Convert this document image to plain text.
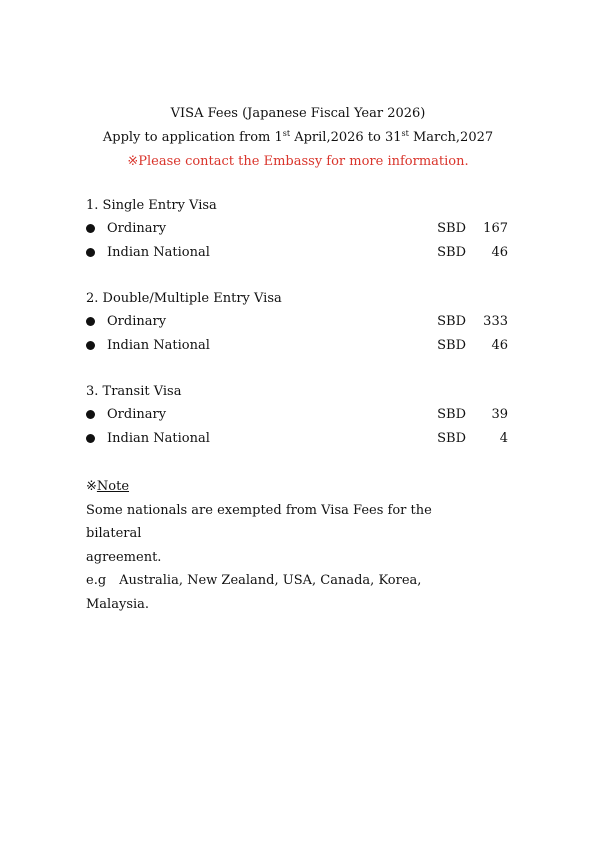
VISA Fees (Japanese Fiscal Year 2026)
Apply to application from 1st April,2026 to 31st March,2027
※Please contact the Embassy for more information.
1. Single Entry Visa
Ordinary	SBD	167
Indian National	SBD	46
2. Double/Multiple Entry Visa
Ordinary	SBD	333
Indian National	SBD	46
3. Transit Visa
Ordinary	SBD	39
Indian National	SBD	4
※Note
Some nationals are exempted from Visa Fees for the bilateral
agreement.
e.g　Australia, New Zealand, USA, Canada, Korea, Malaysia.
